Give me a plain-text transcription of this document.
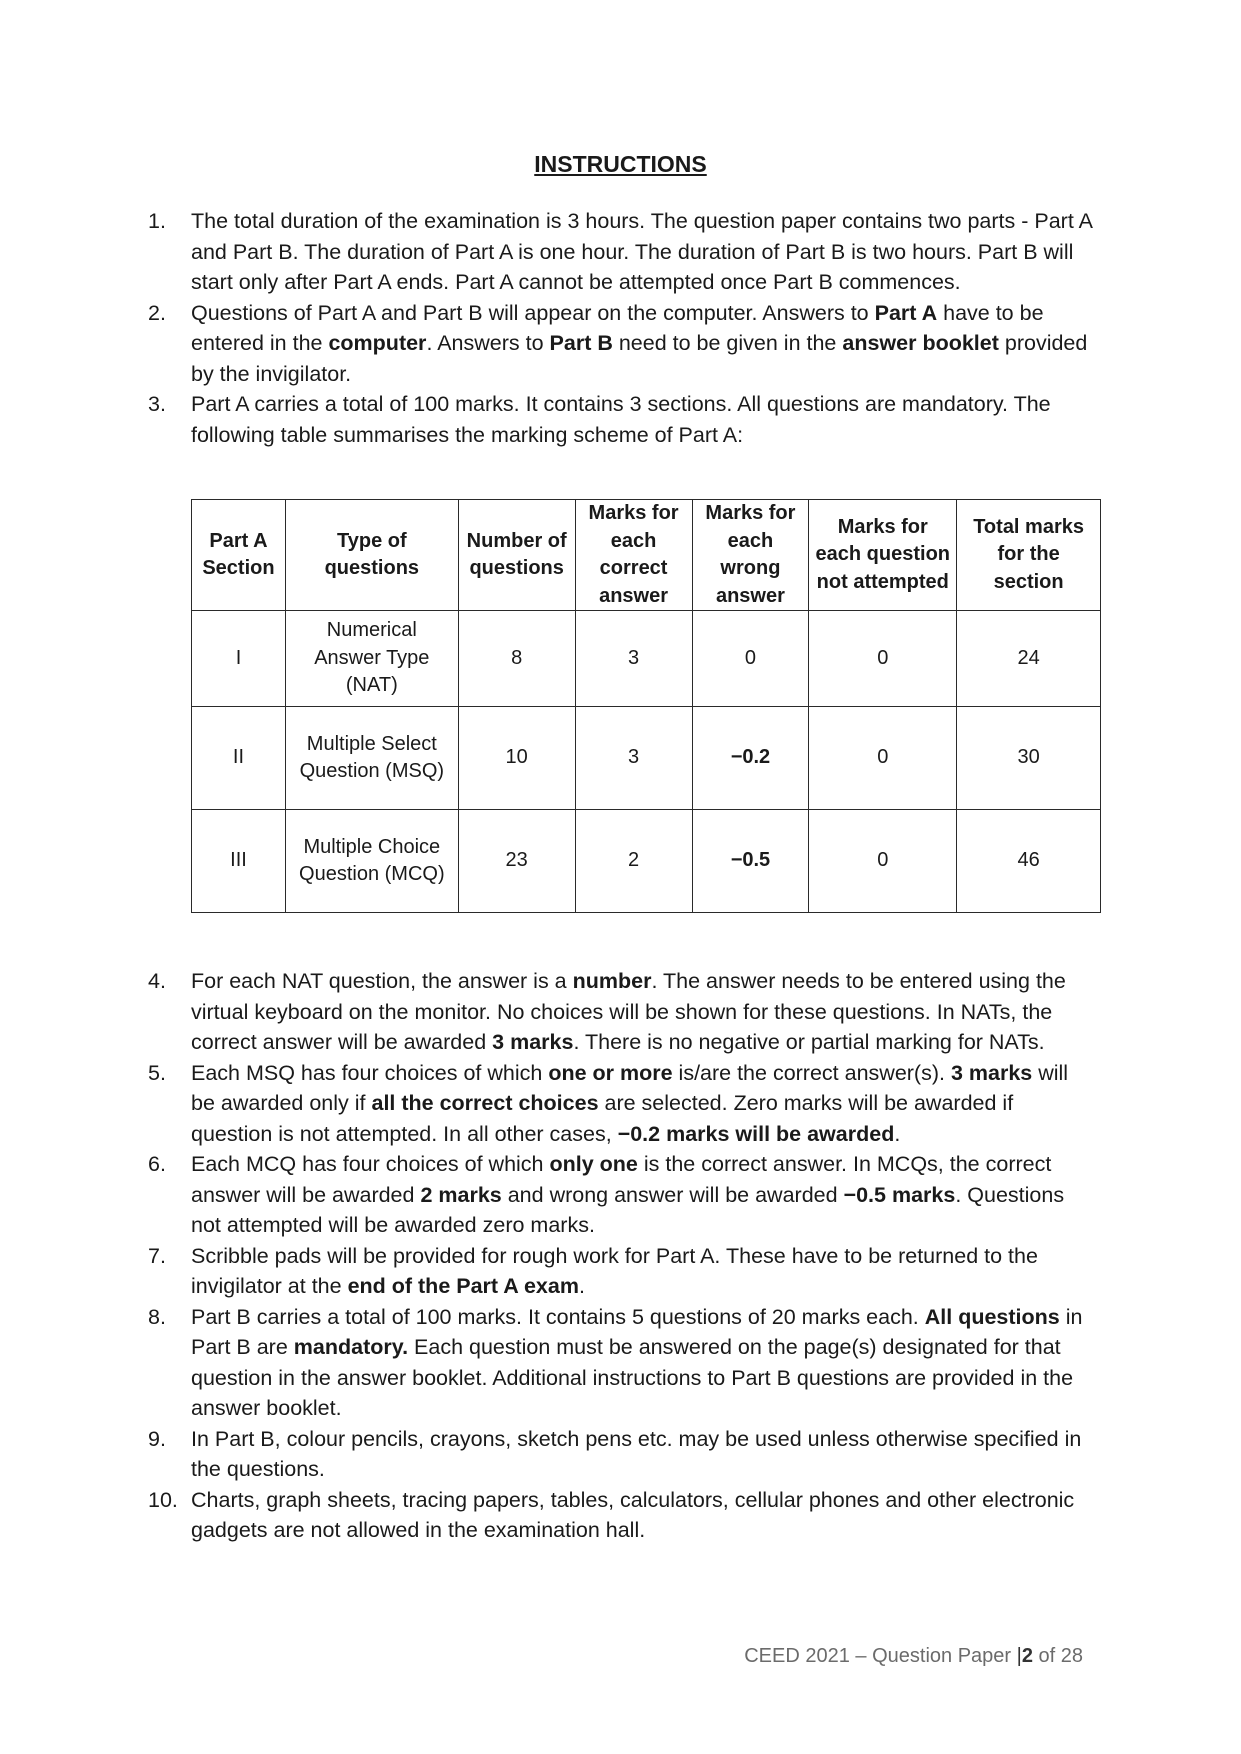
INSTRUCTIONS
1.	The total duration of the examination is 3 hours. The question paper contains two parts - Part A and Part B. The duration of Part A is one hour. The duration of Part B is two hours. Part B will start only after Part A ends. Part A cannot be attempted once Part B commences.
2.	Questions of Part A and Part B will appear on the computer. Answers to Part A have to be entered in the computer. Answers to Part B need to be given in the answer booklet provided by the invigilator.
3.	Part A carries a total of 100 marks. It contains 3 sections. All questions are mandatory. The following table summarises the marking scheme of Part A:
Part A Section	Type of questions	Number of questions	Marks for each correct answer	Marks for each wrong answer	Marks for each question not attempted	Total marks for the section
I	Numerical Answer Type (NAT)	8	3	0	0	24
II	Multiple Select Question (MSQ)	10	3	−0.2	0	30
III	Multiple Choice Question (MCQ)	23	2	−0.5	0	46
4.	For each NAT question, the answer is a number. The answer needs to be entered using the virtual keyboard on the monitor. No choices will be shown for these questions. In NATs, the correct answer will be awarded 3 marks. There is no negative or partial marking for NATs.
5.	Each MSQ has four choices of which one or more is/are the correct answer(s). 3 marks will be awarded only if all the correct choices are selected. Zero marks will be awarded if question is not attempted. In all other cases, −0.2 marks will be awarded.
6.	Each MCQ has four choices of which only one is the correct answer. In MCQs, the correct answer will be awarded 2 marks and wrong answer will be awarded −0.5 marks. Questions not attempted will be awarded zero marks.
7.	Scribble pads will be provided for rough work for Part A. These have to be returned to the invigilator at the end of the Part A exam.
8.	Part B carries a total of 100 marks. It contains 5 questions of 20 marks each. All questions in Part B are mandatory. Each question must be answered on the page(s) designated for that question in the answer booklet. Additional instructions to Part B questions are provided in the answer booklet.
9.	In Part B, colour pencils, crayons, sketch pens etc. may be used unless otherwise specified in the questions.
10. Charts, graph sheets, tracing papers, tables, calculators, cellular phones and other electronic gadgets are not allowed in the examination hall.
CEED 2021 – Question Paper |2 of 28
